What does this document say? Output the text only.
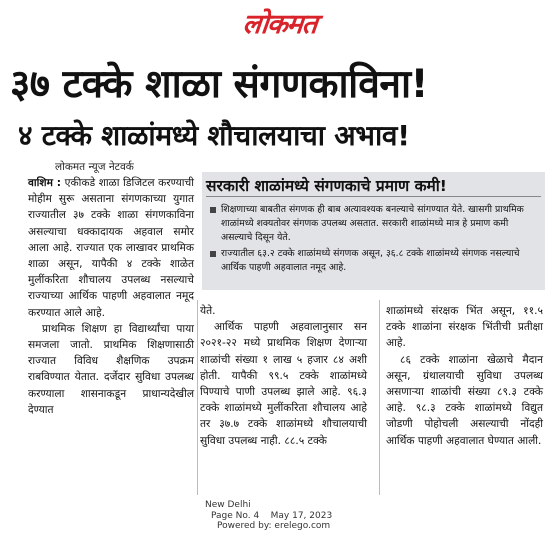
लोकमत
३७ टक्के शाळा संगणकाविना!
४ टक्के शाळांमध्ये शौचालयाचा अभाव!
लोकमत न्यूज नेटवर्क

वाशिम : एकीकडे शाळा डिजिटल करण्याची मोहीम सुरू असताना संगणकाच्या युगात राज्यातील ३७ टक्के शाळा संगणकाविना असल्याचा धक्कादायक अहवाल समोर आला आहे. राज्यात एक लाखावर प्राथमिक शाळा असून, यापैकी ४ टक्के शाळेत मुलींकरिता शौचालय उपलब्ध नसल्याचे राज्याच्या आर्थिक पाहणी अहवालात नमूद करण्यात आले आहे.

प्राथमिक शिक्षण हा विद्यार्थ्यांचा पाया समजला जातो. प्राथमिक शिक्षणासाठी राज्यात विविध शैक्षणिक उपक्रम राबविण्यात येतात. दर्जेदार सुविधा उपलब्ध करण्याला शासनाकडून प्राधान्यदेखील देण्यात

सरकारी शाळांमध्ये संगणकाचे प्रमाण कमी!
शिक्षणाच्या बाबतीत संगणक ही बाब अत्यावश्यक बनल्याचे सांगण्यात येते. खासगी प्राथमिक शाळांमध्ये शक्यतोवर संगणक उपलब्ध असतात. सरकारी शाळांमध्ये मात्र हे प्रमाण कमी असल्याचे दिसून येते.
राज्यातील ६३.२ टक्के शाळांमध्ये संगणक असून, ३६.८ टक्के शाळांमध्ये संगणक नसल्याचे आर्थिक पाहणी अहवालात नमूद आहे.

येते.

आर्थिक पाहणी अहवालानुसार सन २०२१-२२ मध्ये प्राथमिक शिक्षण देणाऱ्या शाळांची संख्या १ लाख ५ हजार ८४ अशी होती. यापैकी ९९.५ टक्के शाळांमध्ये पिण्याचे पाणी उपलब्ध झाले आहे. ९६.३ टक्के शाळांमध्ये मुलींकरिता शौचालय आहे तर ३७.७ टक्के शाळांमध्ये शौचालयाची सुविधा उपलब्ध नाही. ८८.५ टक्के

शाळांमध्ये संरक्षक भिंत असून, ११.५ टक्के शाळांना संरक्षक भिंतीची प्रतीक्षा आहे.

८६ टक्के शाळांना खेळाचे मैदान असून, ग्रंथालयाची सुविधा उपलब्ध असणाऱ्या शाळांची संख्या ८९.३ टक्के आहे. ९८.३ टक्के शाळांमध्ये विद्युत जोडणी पोहोचली असल्याची नोंदही आर्थिक पाहणी अहवालात घेण्यात आली.

New Delhi
Page No. 4 May 17, 2023
Powered by: erelego.com
